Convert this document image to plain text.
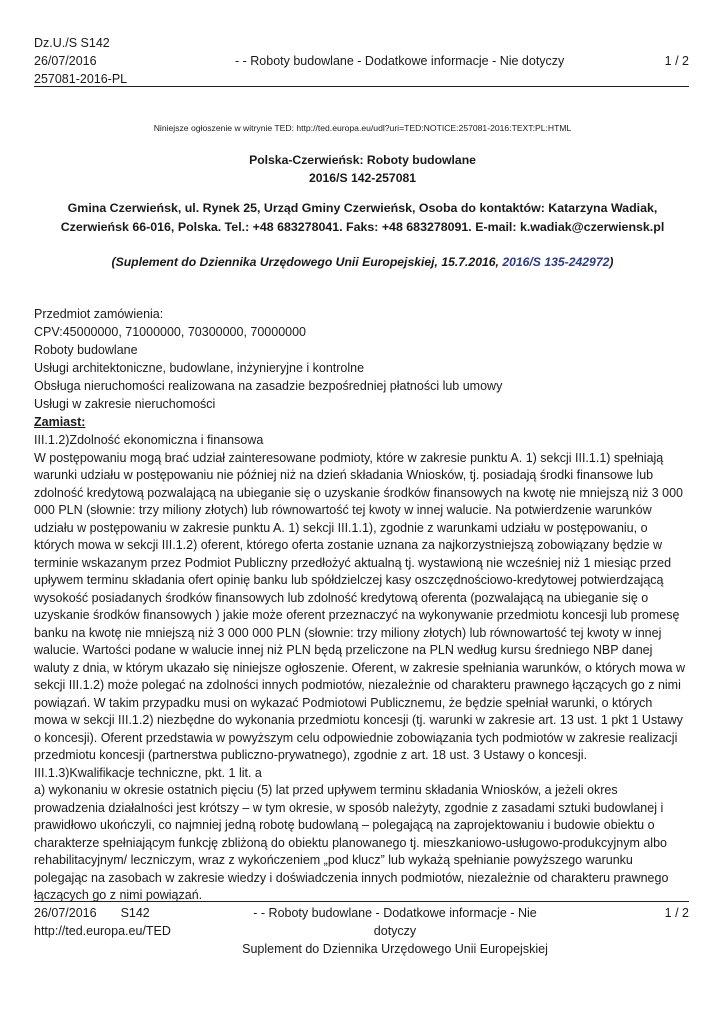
Dz.U./S S142
26/07/2016
257081-2016-PL
- - Roboty budowlane - Dodatkowe informacje - Nie dotyczy	1 / 2
Niniejsze ogłoszenie w witrynie TED: http://ted.europa.eu/udl?uri=TED:NOTICE:257081-2016:TEXT:PL:HTML
Polska-Czerwieńsk: Roboty budowlane
2016/S 142-257081
Gmina Czerwieńsk, ul. Rynek 25, Urząd Gminy Czerwieńsk, Osoba do kontaktów: Katarzyna Wadiak,
Czerwieńsk 66-016, Polska. Tel.: +48 683278041. Faks: +48 683278091. E-mail: k.wadiak@czerwiensk.pl
(Suplement do Dziennika Urzędowego Unii Europejskiej, 15.7.2016, 2016/S 135-242972)
Przedmiot zamówienia:
CPV:45000000, 71000000, 70300000, 70000000
Roboty budowlane
Usługi architektoniczne, budowlane, inżynieryjne i kontrolne
Obsługa nieruchomości realizowana na zasadzie bezpośredniej płatności lub umowy
Usługi w zakresie nieruchomości
Zamiast:

III.1.2)Zdolność ekonomiczna i finansowa

W postępowaniu mogą brać udział zainteresowane podmioty, które w zakresie punktu A. 1) sekcji III.1.1) spełniają warunki udziału w postępowaniu nie później niż na dzień składania Wniosków, tj. posiadają środki finansowe lub zdolność kredytową pozwalającą na ubieganie się o uzyskanie środków finansowych na kwotę nie mniejszą niż 3 000 000 PLN (słownie: trzy miliony złotych) lub równowartość tej kwoty w innej walucie. Na potwierdzenie warunków udziału w postępowaniu w zakresie punktu A. 1) sekcji III.1.1), zgodnie z warunkami udziału w postępowaniu, o których mowa w sekcji III.1.2) oferent, którego oferta zostanie uznana za najkorzystniejszą zobowiązany będzie w terminie wskazanym przez Podmiot Publiczny przedłożyć aktualną tj. wystawioną nie wcześniej niż 1 miesiąc przed upływem terminu składania ofert opinię banku lub spółdzielczej kasy oszczędnościowo-kredytowej potwierdzającą wysokość posiadanych środków finansowych lub zdolność kredytową oferenta (pozwalającą na ubieganie się o uzyskanie środków finansowych ) jakie może oferent przeznaczyć na wykonywanie przedmiotu koncesji lub promesę banku na kwotę nie mniejszą niż 3 000 000 PLN (słownie: trzy miliony złotych) lub równowartość tej kwoty w innej walucie. Wartości podane w walucie innej niż PLN będą przeliczone na PLN według kursu średniego NBP danej waluty z dnia, w którym ukazało się niniejsze ogłoszenie. Oferent, w zakresie spełniania warunków, o których mowa w sekcji III.1.2) może polegać na zdolności innych podmiotów, niezależnie od charakteru prawnego łączących go z nimi powiązań. W takim przypadku musi on wykazać Podmiotowi Publicznemu, że będzie spełniał warunki, o których mowa w sekcji III.1.2) niezbędne do wykonania przedmiotu koncesji (tj. warunki w zakresie art. 13 ust. 1 pkt 1 Ustawy o koncesji). Oferent przedstawia w powyższym celu odpowiednie zobowiązania tych podmiotów w zakresie realizacji przedmiotu koncesji (partnerstwa publiczno-prywatnego), zgodnie z art. 18 ust. 3 Ustawy o koncesji.

III.1.3)Kwalifikacje techniczne, pkt. 1 lit. a

a) wykonaniu w okresie ostatnich pięciu (5) lat przed upływem terminu składania Wniosków, a jeżeli okres prowadzenia działalności jest krótszy – w tym okresie, w sposób należyty, zgodnie z zasadami sztuki budowlanej i prawidłowo ukończyli, co najmniej jedną robotę budowlaną – polegającą na zaprojektowaniu i budowie obiektu o charakterze spełniającym funkcję zbliżoną do obiektu planowanego tj. mieszkaniowo-usługowo-produkcyjnym albo rehabilitacyjnym/ leczniczym, wraz z wykończeniem „pod klucz” lub wykażą spełnianie powyższego warunku polegając na zasobach w zakresie wiedzy i doświadczenia innych podmiotów, niezależnie od charakteru prawnego łączących go z nimi powiązań.

26/07/2016 S142
http://ted.europa.eu/TED
- - Roboty budowlane - Dodatkowe informacje - Nie dotyczy
Suplement do Dziennika Urzędowego Unii Europejskiej
1 / 2
